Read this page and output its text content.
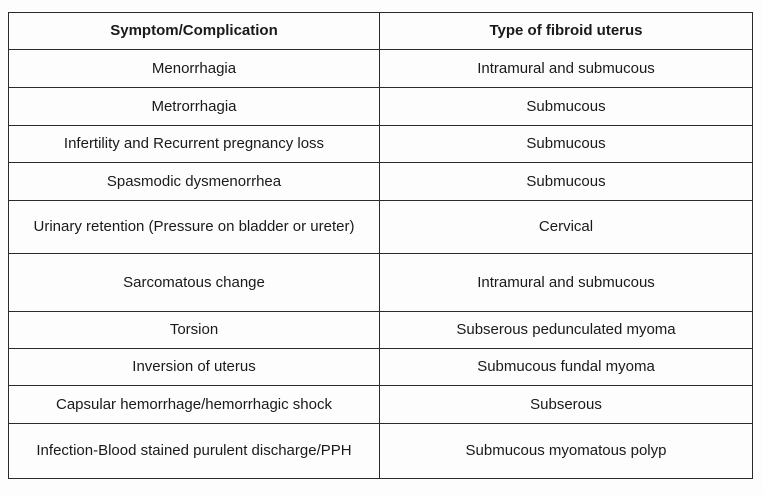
Symptom/Complication	Type of fibroid uterus
Menorrhagia	Intramural and submucous
Metrorrhagia	Submucous
Infertility and Recurrent pregnancy loss	Submucous
Spasmodic dysmenorrhea	Submucous
Urinary retention (Pressure on bladder or ureter)	Cervical
Sarcomatous change	Intramural and submucous
Torsion	Subserous pedunculated myoma
Inversion of uterus	Submucous fundal myoma
Capsular hemorrhage/hemorrhagic shock	Subserous
Infection-Blood stained purulent discharge/PPH	Submucous myomatous polyp
